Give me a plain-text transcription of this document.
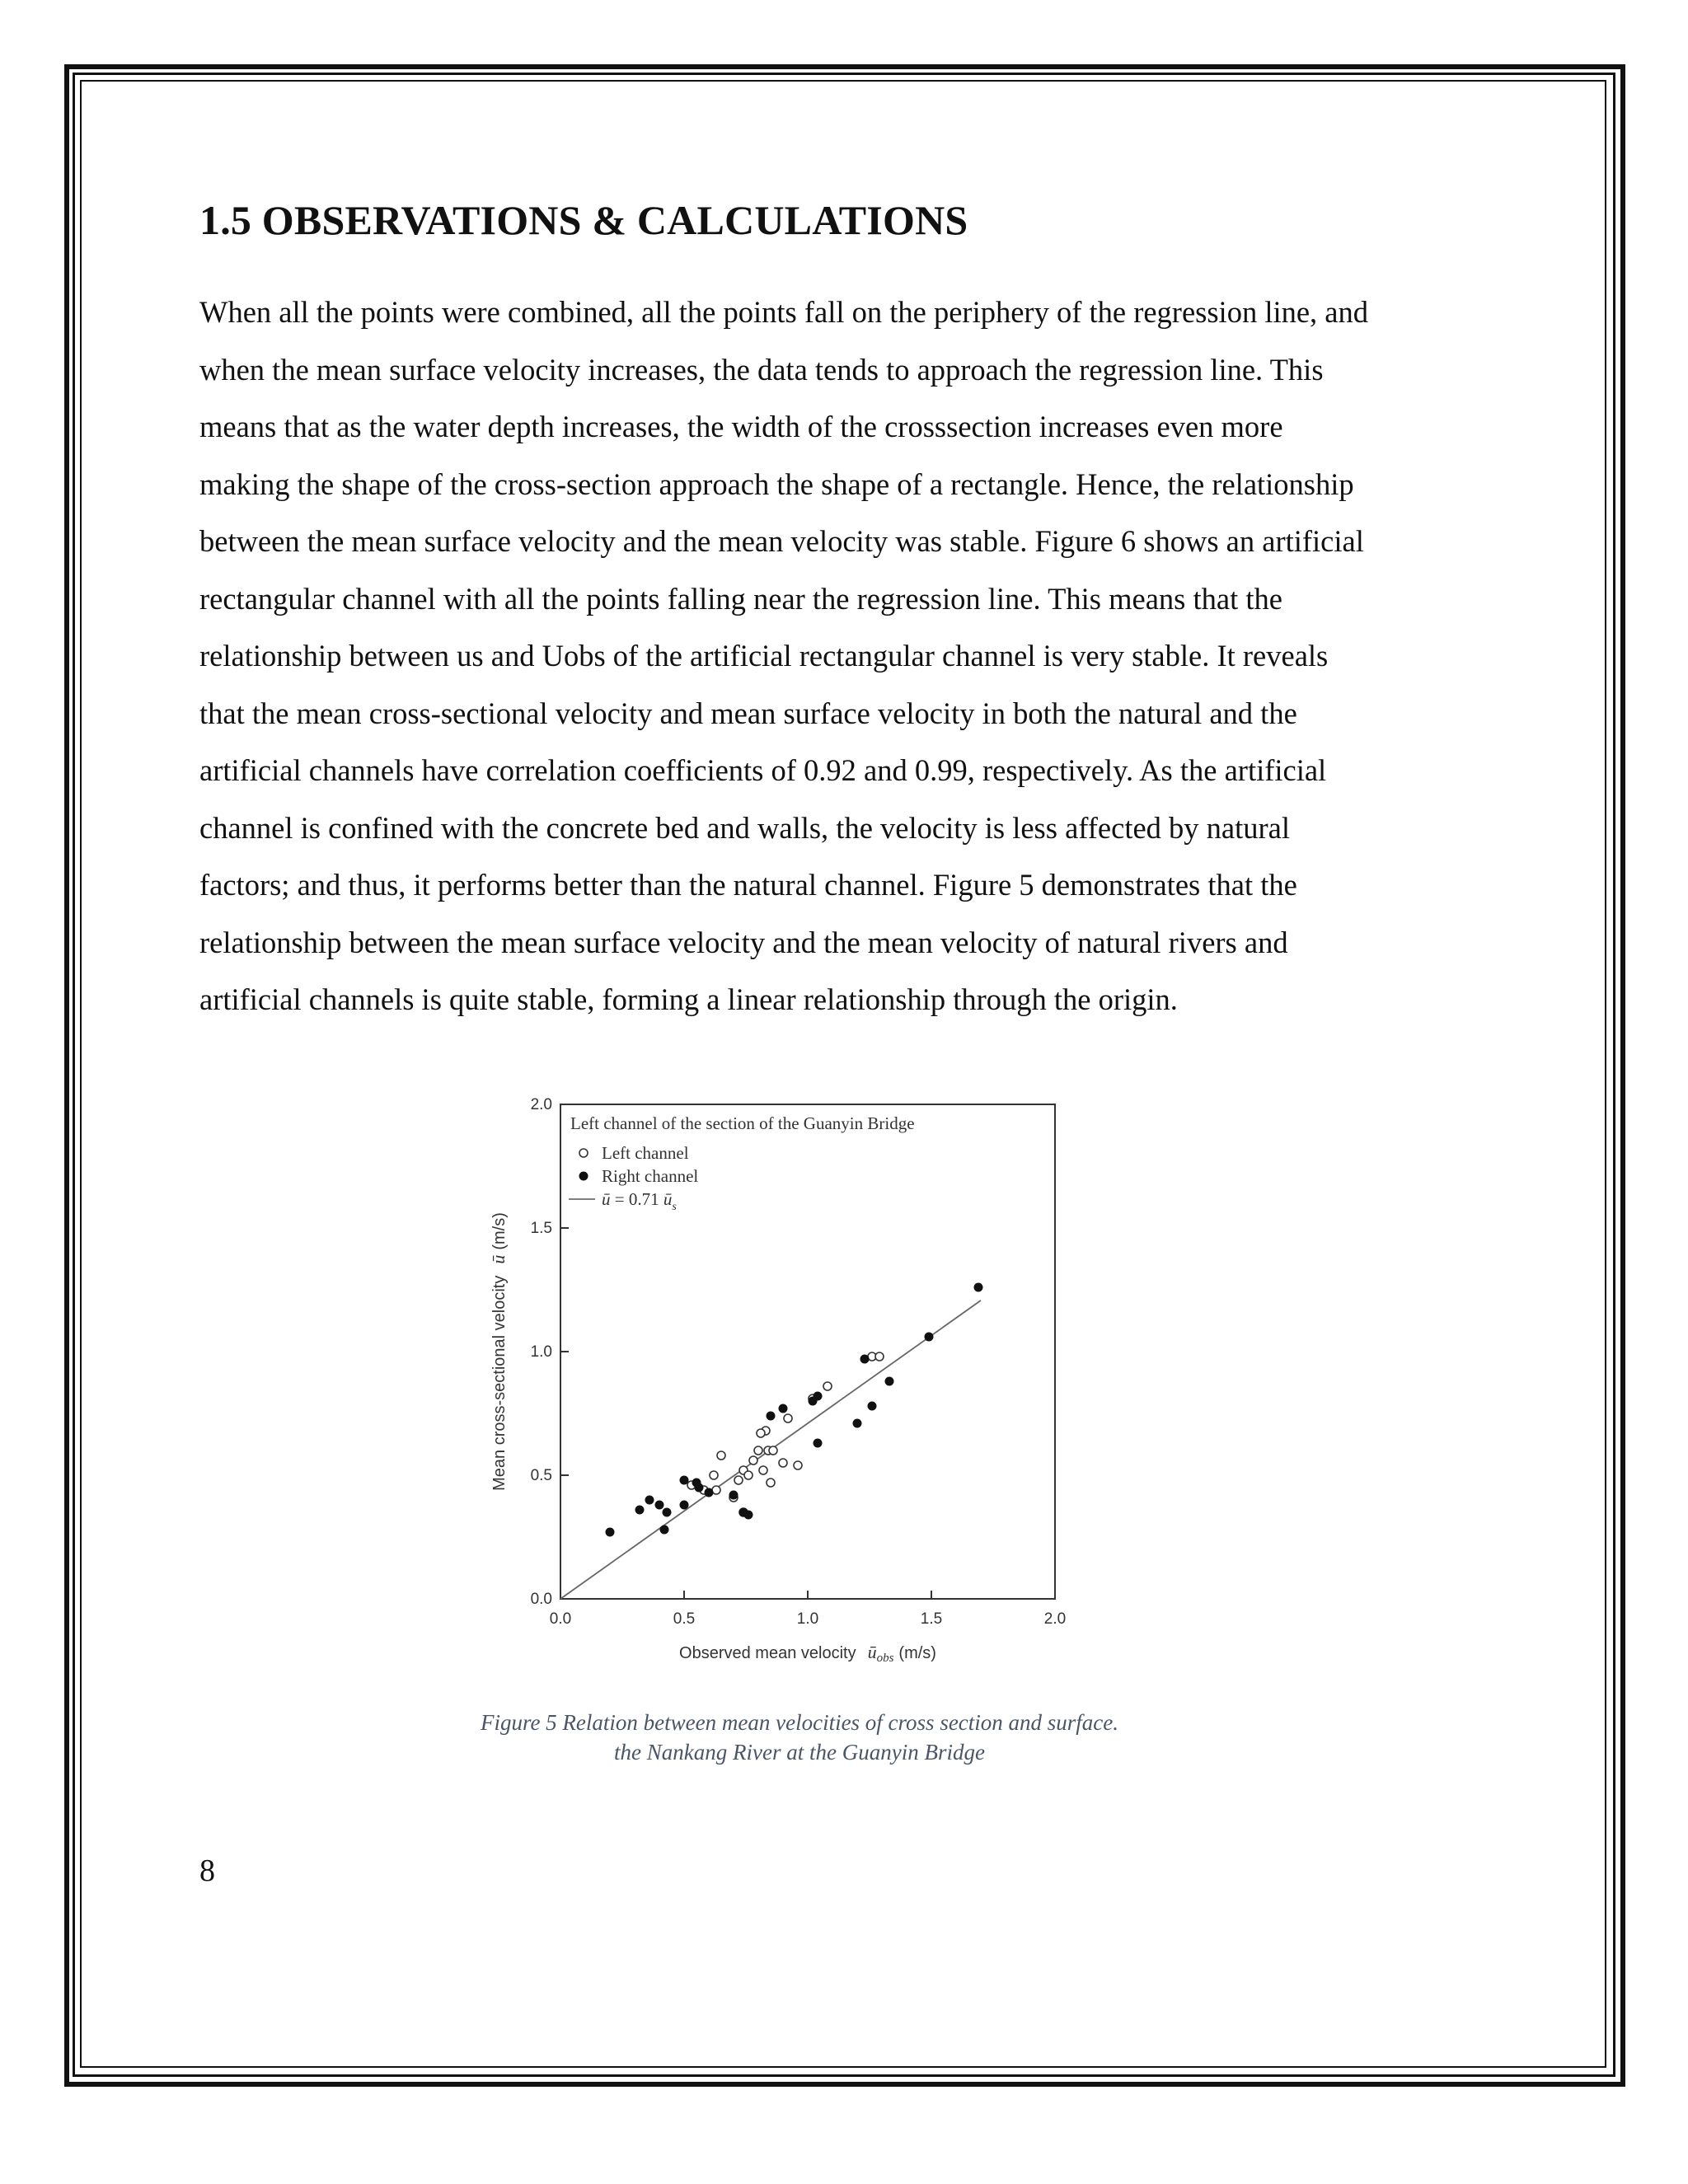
1.5 OBSERVATIONS & CALCULATIONS

When all the points were combined, all the points fall on the periphery of the regression line, and
when the mean surface velocity increases, the data tends to approach the regression line. This
means that as the water depth increases, the width of the crosssection increases even more
making the shape of the cross-section approach the shape of a rectangle. Hence, the relationship
between the mean surface velocity and the mean velocity was stable. Figure 6 shows an artificial
rectangular channel with all the points falling near the regression line. This means that the
relationship between us and Uobs of the artificial rectangular channel is very stable. It reveals
that the mean cross-sectional velocity and mean surface velocity in both the natural and the
artificial channels have correlation coefficients of 0.92 and 0.99, respectively. As the artificial
channel is confined with the concrete bed and walls, the velocity is less affected by natural
factors; and thus, it performs better than the natural channel. Figure 5 demonstrates that the
relationship between the mean surface velocity and the mean velocity of natural rivers and
artificial channels is quite stable, forming a linear relationship through the origin.

0.0	0.5	1.0	1.5	2.0
0.0
0.5
1.0
1.5
2.0
Left channel of the section of the Guanyin Bridge
Left channel
Right channel
ū = 0.71 $ū_s$
Observed mean velocity $ū_{obs}$ (m/s)
Mean cross-sectional velocityū(m/s)
Figure 5 Relation between mean velocities of cross section and surface.
the Nankang River at the Guanyin Bridge
8
